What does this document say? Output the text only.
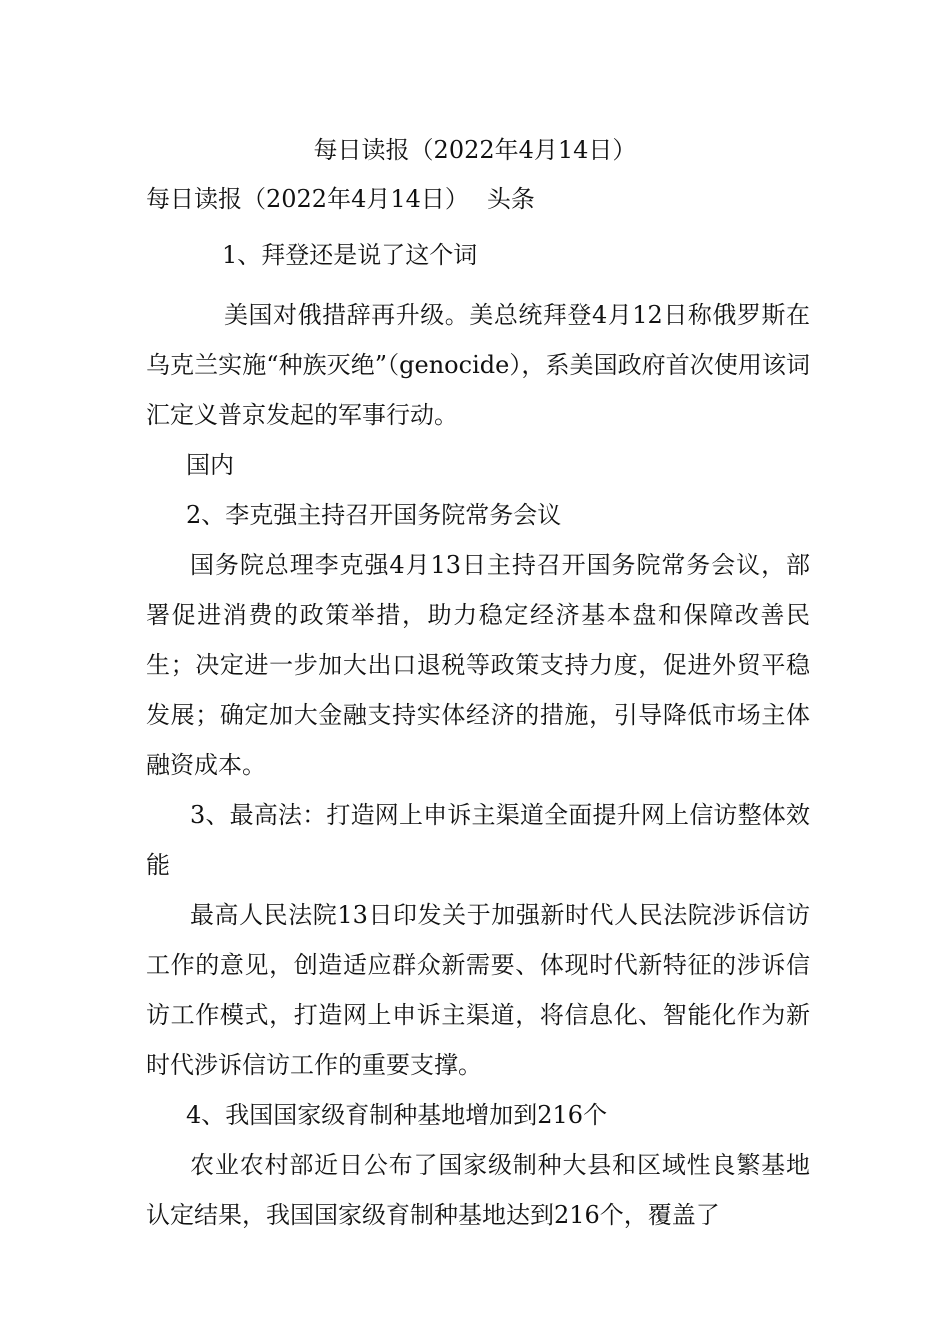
每日读报（2022年4月14日）

每日读报（2022年4月14日） 头条

1、拜登还是说了这个词

美国对俄措辞再升级。美总统拜登4月12日称俄罗斯在乌克兰实施“种族灭绝”（genocide），系美国政府首次使用该词汇定义普京发起的军事行动。

国内

2、李克强主持召开国务院常务会议

国务院总理李克强4月13日主持召开国务院常务会议，部署促进消费的政策举措，助力稳定经济基本盘和保障改善民生；决定进一步加大出口退税等政策支持力度，促进外贸平稳发展；确定加大金融支持实体经济的措施，引导降低市场主体融资成本。

3、最高法：打造网上申诉主渠道全面提升网上信访整体效能

最高人民法院13日印发关于加强新时代人民法院涉诉信访工作的意见，创造适应群众新需要、体现时代新特征的涉诉信访工作模式，打造网上申诉主渠道，将信息化、智能化作为新时代涉诉信访工作的重要支撑。

4、我国国家级育制种基地增加到216个

农业农村部近日公布了国家级制种大县和区域性良繁基地认定结果，我国国家级育制种基地达到216个，覆盖了
